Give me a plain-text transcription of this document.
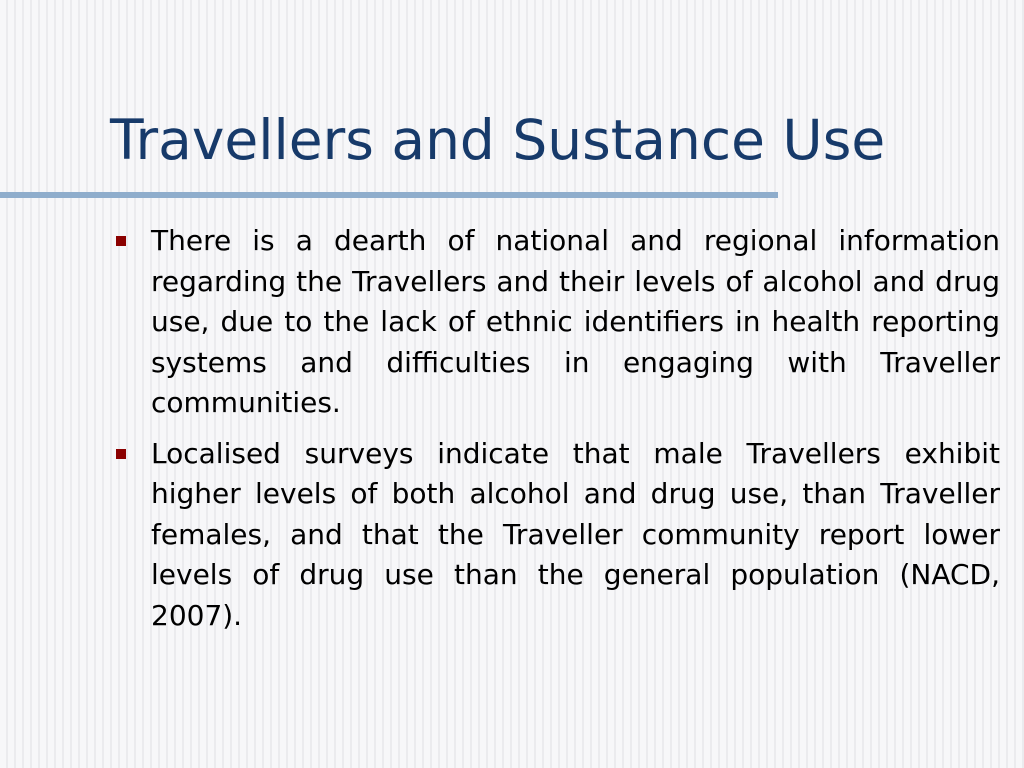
Travellers and Sustance Use
There is a dearth of national and regional information regarding the Travellers and their levels of alcohol and drug use, due to the lack of ethnic identifiers in health reporting systems and difficulties in engaging with Traveller communities.
Localised surveys indicate that male Travellers exhibit higher levels of both alcohol and drug use, than Traveller females, and that the Traveller community report lower levels of drug use than the general population (NACD, 2007).
